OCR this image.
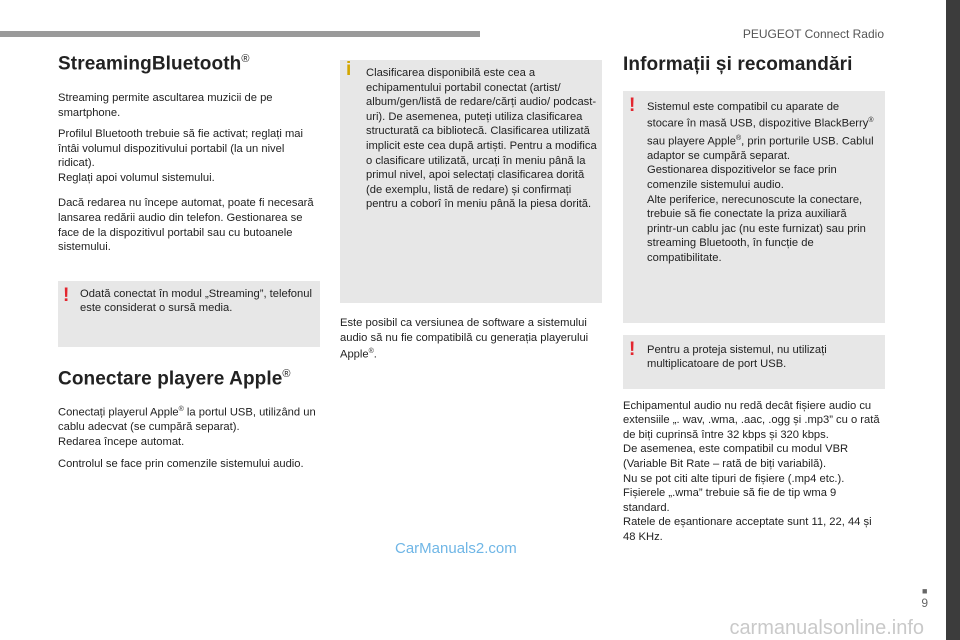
PEUGEOT Connect Radio
StreamingBluetooth®

Streaming permite ascultarea muzicii de pe smartphone.

Profilul Bluetooth trebuie să fie activat; reglați mai întâi volumul dispozitivului portabil (la un nivel ridicat).

Reglați apoi volumul sistemului.

Dacă redarea nu începe automat, poate fi necesară lansarea redării audio din telefon. Gestionarea se face de la dispozitivul portabil sau cu butoanele sistemului.

! Odată conectat în modul „Streaming”, telefonul este considerat o sursă media.
Conectare playere Apple®

Conectați playerul Apple® la portul USB, utilizând un cablu adecvat (se cumpără separat).

Redarea începe automat.

Controlul se face prin comenzile sistemului audio.

i Clasificarea disponibilă este cea a echipamentului portabil conectat (artist/ album/gen/listă de redare/cărți audio/ podcast-uri). De asemenea, puteți utiliza clasificarea structurată ca bibliotecă. Clasificarea utilizată implicit este cea după artiști. Pentru a modifica o clasificare utilizată, urcați în meniu până la primul nivel, apoi selectați clasificarea dorită (de exemplu, listă de redare) și confirmați pentru a coborî în meniu până la piesa dorită.

Este posibil ca versiunea de software a sistemului audio să nu fie compatibilă cu generația playerului Apple®.

Informații și recomandări
! Sistemul este compatibil cu aparate de stocare în masă USB, dispozitive BlackBerry® sau playere Apple®, prin porturile USB. Cablul adaptor se cumpără separat.
Gestionarea dispozitivelor se face prin comenzile sistemului audio.
Alte periferice, nerecunoscute la conectare, trebuie să fie conectate la priza auxiliară printr-un cablu jac (nu este furnizat) sau prin streaming Bluetooth, în funcție de compatibilitate.
! Pentru a proteja sistemul, nu utilizați multiplicatoare de port USB.

Echipamentul audio nu redă decât fișiere audio cu extensiile „. wav, .wma, .aac, .ogg și .mp3” cu o rată de biți cuprinsă între 32 kbps și 320 kbps.

De asemenea, este compatibil cu modul VBR (Variable Bit Rate – rată de biți variabilă).

Nu se pot citi alte tipuri de fișiere (.mp4 etc.).

Fișierele „.wma” trebuie să fie de tip wma 9 standard.

Ratele de eșantionare acceptate sunt 11, 22, 44 și 48 KHz.

■
9
CarManuals2.com
carmanualsonline.info
